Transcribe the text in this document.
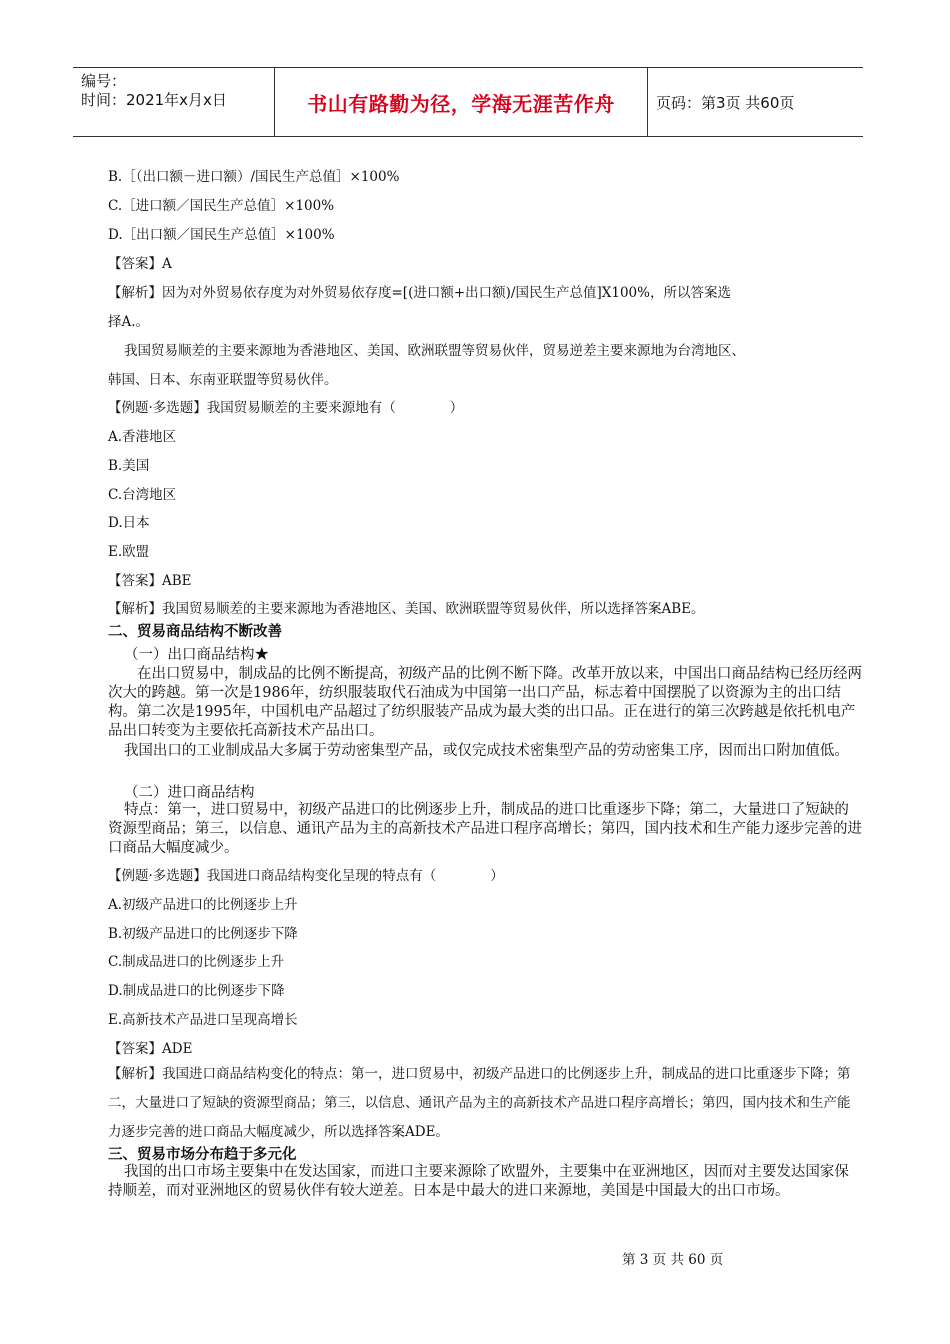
编号：
时间：2021年x月x日	书山有路勤为径，学海无涯苦作舟	页码：第3页 共60页
B.［（出口额－进口额）/国民生产总值］×100%
C.［进口额／国民生产总值］×100%
D.［出口额／国民生产总值］×100%
【答案】A
【解析】因为对外贸易依存度为对外贸易依存度=[(进口额+出口额)/国民生产总值]X100%，所以答案选
择A.。
我国贸易顺差的主要来源地为香港地区、美国、欧洲联盟等贸易伙伴，贸易逆差主要来源地为台湾地区、
韩国、日本、东南亚联盟等贸易伙伴。
【例题·多选题】我国贸易顺差的主要来源地有（　　　　）
A.香港地区
B.美国
C.台湾地区
D.日本
E.欧盟
【答案】ABE
【解析】我国贸易顺差的主要来源地为香港地区、美国、欧洲联盟等贸易伙伴，所以选择答案ABE。
二、贸易商品结构不断改善
（一）出口商品结构★
在出口贸易中，制成品的比例不断提高，初级产品的比例不断下降。改革开放以来，中国出口商品结构已经历经两次大的跨越。第一次是1986年，纺织服装取代石油成为中国第一出口产品，标志着中国摆脱了以资源为主的出口结构。第二次是1995年，中国机电产品超过了纺织服装产品成为最大类的出口品。正在进行的第三次跨越是依托机电产品出口转变为主要依托高新技术产品出口。
我国出口的工业制成品大多属于劳动密集型产品，或仅完成技术密集型产品的劳动密集工序，因而出口附加值低。
（二）进口商品结构
特点：第一，进口贸易中，初级产品进口的比例逐步上升，制成品的进口比重逐步下降；第二，大量进口了短缺的资源型商品；第三，以信息、通讯产品为主的高新技术产品进口程序高增长；第四，国内技术和生产能力逐步完善的进口商品大幅度减少。
【例题·多选题】我国进口商品结构变化呈现的特点有（　　　　）
A.初级产品进口的比例逐步上升
B.初级产品进口的比例逐步下降
C.制成品进口的比例逐步上升
D.制成品进口的比例逐步下降
E.高新技术产品进口呈现高增长
【答案】ADE
【解析】我国进口商品结构变化的特点：第一，进口贸易中，初级产品进口的比例逐步上升，制成品的进口比重逐步下降；第二，大量进口了短缺的资源型商品；第三，以信息、通讯产品为主的高新技术产品进口程序高增长；第四，国内技术和生产能力逐步完善的进口商品大幅度减少，所以选择答案ADE。
三、贸易市场分布趋于多元化
我国的出口市场主要集中在发达国家，而进口主要来源除了欧盟外，主要集中在亚洲地区，因而对主要发达国家保持顺差，而对亚洲地区的贸易伙伴有较大逆差。日本是中最大的进口来源地，美国是中国最大的出口市场。
第 3 页 共 60 页
